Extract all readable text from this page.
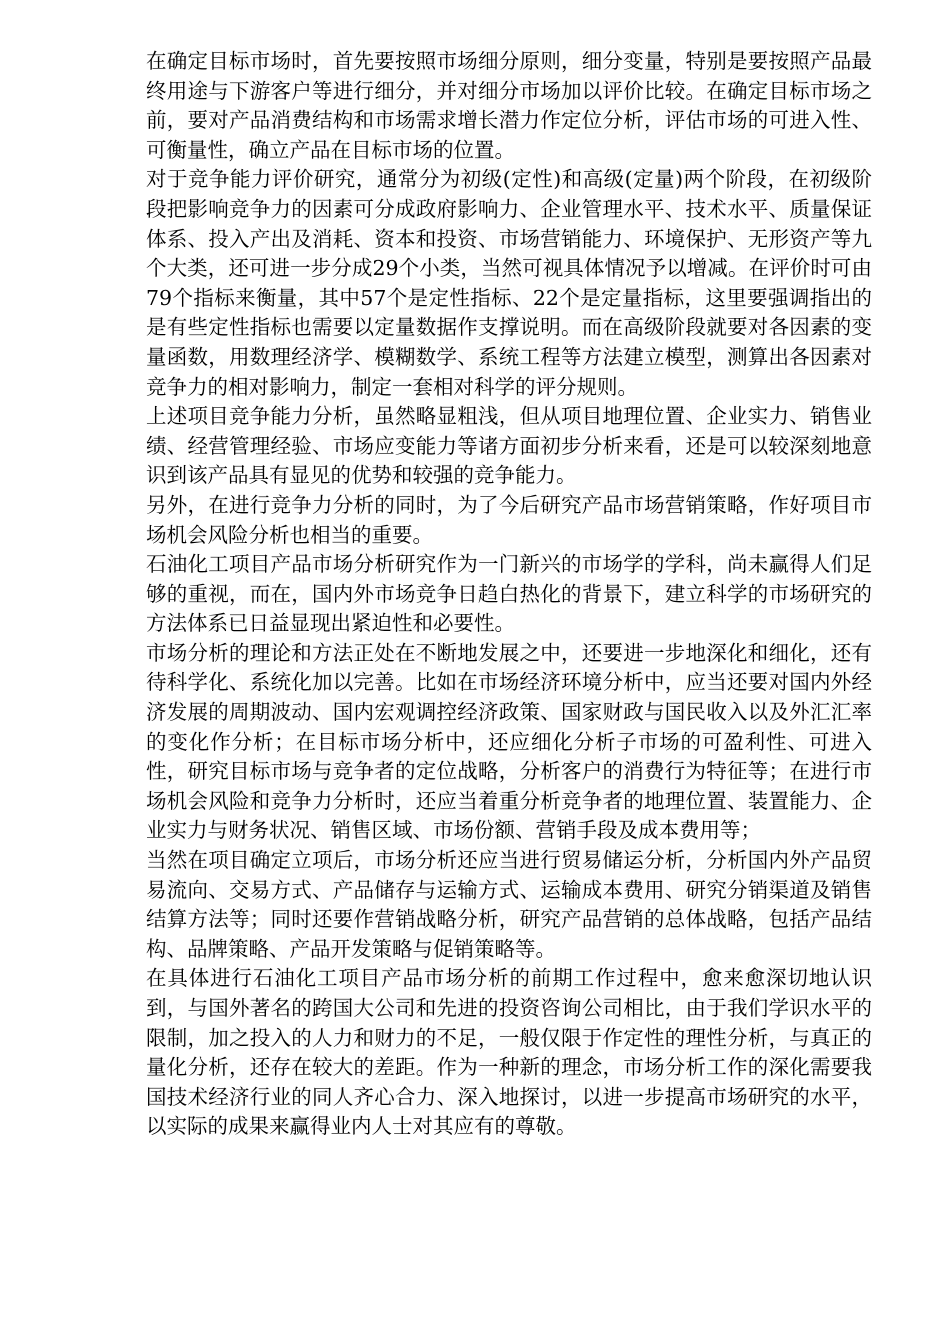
在确定目标市场时，首先要按照市场细分原则，细分变量，特别是要按照产品最终用途与下游客户等进行细分，并对细分市场加以评价比较。在确定目标市场之前，要对产品消费结构和市场需求增长潜力作定位分析，评估市场的可进入性、可衡量性，确立产品在目标市场的位置。

对于竞争能力评价研究，通常分为初级(定性)和高级(定量)两个阶段，在初级阶段把影响竞争力的因素可分成政府影响力、企业管理水平、技术水平、质量保证体系、投入产出及消耗、资本和投资、市场营销能力、环境保护、无形资产等九个大类，还可进一步分成29个小类，当然可视具体情况予以增减。在评价时可由79个指标来衡量，其中57个是定性指标、22个是定量指标，这里要强调指出的是有些定性指标也需要以定量数据作支撑说明。而在高级阶段就要对各因素的变量函数，用数理经济学、模糊数学、系统工程等方法建立模型，测算出各因素对竞争力的相对影响力，制定一套相对科学的评分规则。

上述项目竞争能力分析，虽然略显粗浅，但从项目地理位置、企业实力、销售业绩、经营管理经验、市场应变能力等诸方面初步分析来看，还是可以较深刻地意识到该产品具有显见的优势和较强的竞争能力。

另外，在进行竞争力分析的同时，为了今后研究产品市场营销策略，作好项目市场机会风险分析也相当的重要。

石油化工项目产品市场分析研究作为一门新兴的市场学的学科，尚未赢得人们足够的重视，而在，国内外市场竞争日趋白热化的背景下，建立科学的市场研究的方法体系已日益显现出紧迫性和必要性。

市场分析的理论和方法正处在不断地发展之中，还要进一步地深化和细化，还有待科学化、系统化加以完善。比如在市场经济环境分析中，应当还要对国内外经济发展的周期波动、国内宏观调控经济政策、国家财政与国民收入以及外汇汇率的变化作分析；在目标市场分析中，还应细化分析子市场的可盈利性、可进入性，研究目标市场与竞争者的定位战略，分析客户的消费行为特征等；在进行市场机会风险和竞争力分析时，还应当着重分析竞争者的地理位置、装置能力、企业实力与财务状况、销售区域、市场份额、营销手段及成本费用等；

当然在项目确定立项后，市场分析还应当进行贸易储运分析，分析国内外产品贸易流向、交易方式、产品储存与运输方式、运输成本费用、研究分销渠道及销售结算方法等；同时还要作营销战略分析，研究产品营销的总体战略，包括产品结构、品牌策略、产品开发策略与促销策略等。

在具体进行石油化工项目产品市场分析的前期工作过程中，愈来愈深切地认识到，与国外著名的跨国大公司和先进的投资咨询公司相比，由于我们学识水平的限制，加之投入的人力和财力的不足，一般仅限于作定性的理性分析，与真正的量化分析，还存在较大的差距。作为一种新的理念，市场分析工作的深化需要我国技术经济行业的同人齐心合力、深入地探讨，以进一步提高市场研究的水平，以实际的成果来赢得业内人士对其应有的尊敬。
